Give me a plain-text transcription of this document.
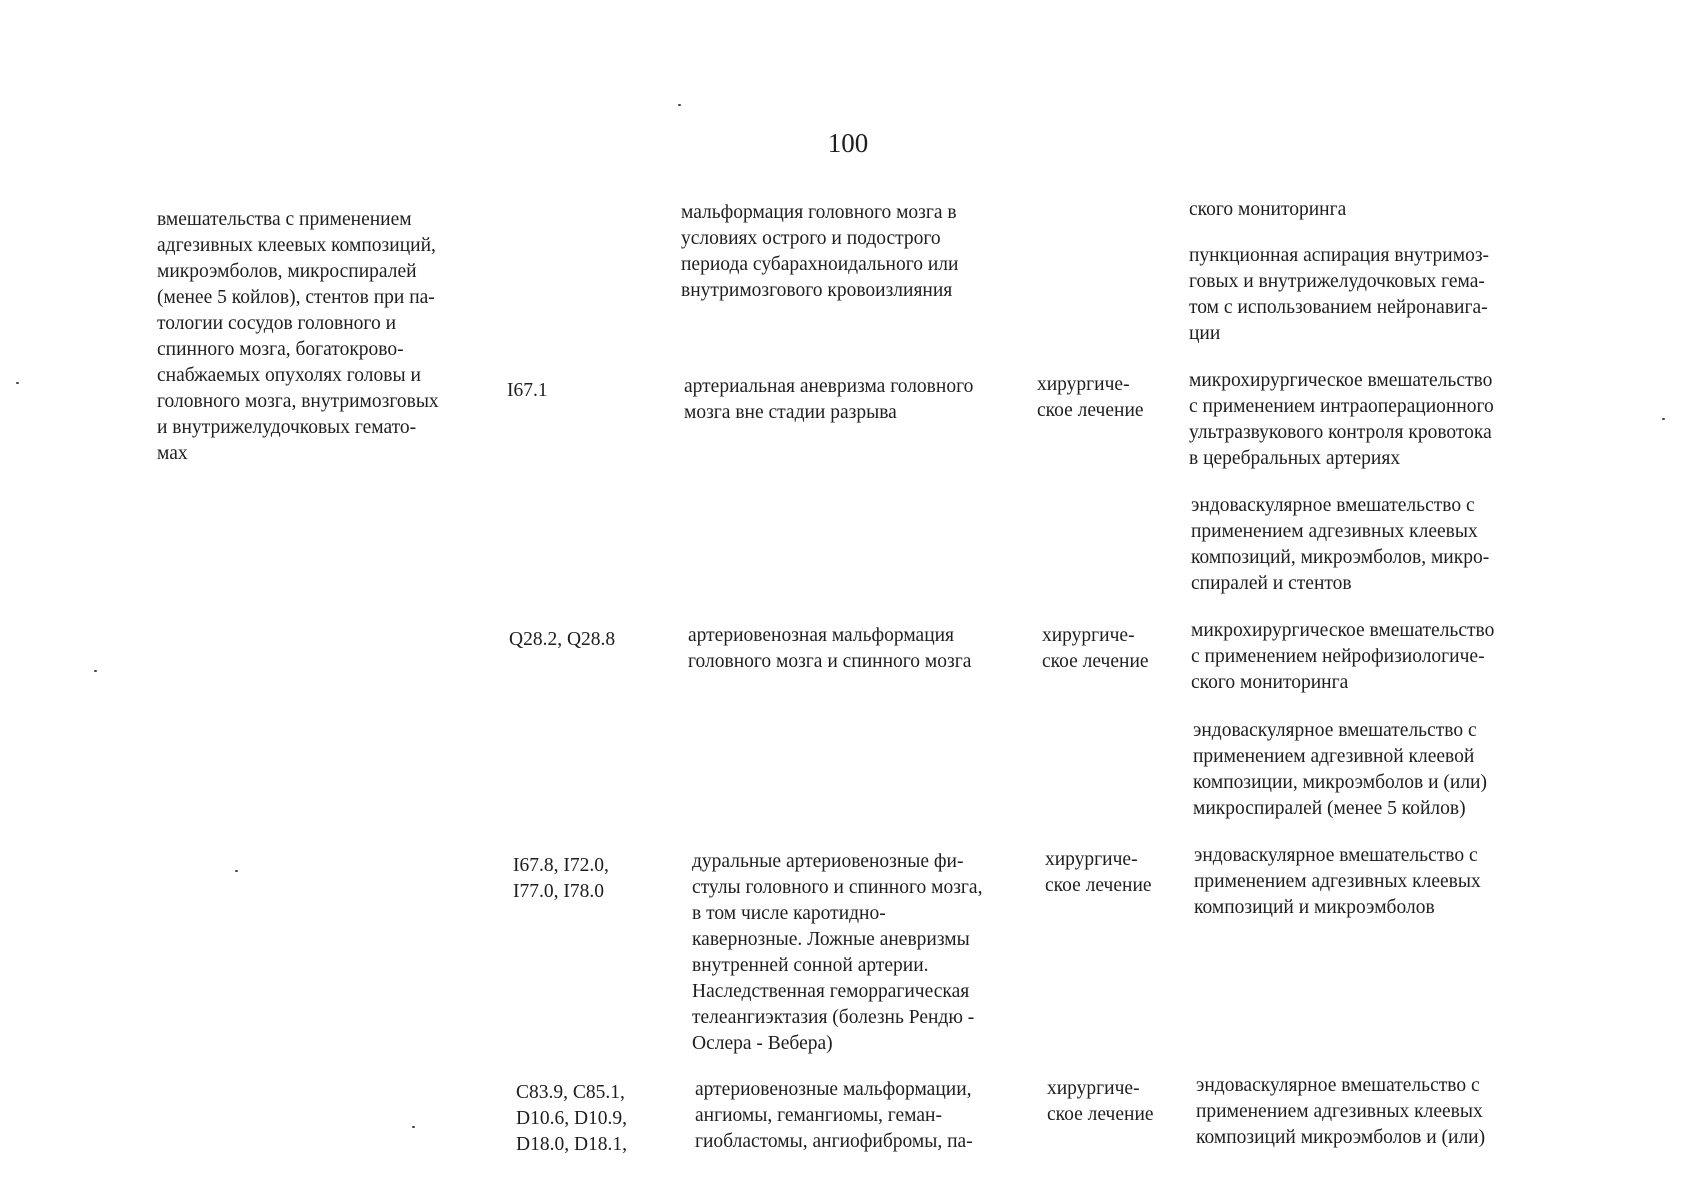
100

вмешательства с применением
адгезивных клеевых композиций,
микроэмболов, микроспиралей
(менее 5 койлов), стентов при па-
тологии сосудов головного и
спинного мозга, богатокрово-
снабжаемых опухолях головы и
головного мозга, внутримозговых
и внутрижелудочковых гемато-
мах

мальформация головного мозга в
условиях острого и подострого
периода субарахноидального или
внутримозгового кровоизлияния

ского мониторинга

пункционная аспирация внутримоз-
говых и внутрижелудочковых гема-
том с использованием нейронавига-
ции

I67.1	артериальная аневризма головного
мозга вне стадии разрыва

хирургиче-
ское лечение

микрохирургическое вмешательство
с применением интраоперационного
ультразвукового контроля кровотока
в церебральных артериях

эндоваскулярное вмешательство с
применением адгезивных клеевых
композиций, микроэмболов, микро-
спиралей и стентов

Q28.2, Q28.8	артериовенозная мальформация
головного мозга и спинного мозга

хирургиче-
ское лечение

микрохирургическое вмешательство
с применением нейрофизиологиче-
ского мониторинга

эндоваскулярное вмешательство с
применением адгезивной клеевой
композиции, микроэмболов и (или)
микроспиралей (менее 5 койлов)

I67.8, I72.0,
I77.0, I78.0

дуральные артериовенозные фи-
стулы головного и спинного мозга,
в том числе каротидно-
кавернозные. Ложные аневризмы
внутренней сонной артерии.
Наследственная геморрагическая
телеангиэктазия (болезнь Рендю -
Ослера - Вебера)

хирургиче-
ское лечение

эндоваскулярное вмешательство с
применением адгезивных клеевых
композиций и микроэмболов

C83.9, C85.1,
D10.6, D10.9,
D18.0, D18.1,

артериовенозные мальформации,
ангиомы, гемангиомы, геман-
гиобластомы, ангиофибромы, па-

хирургиче-
ское лечение

эндоваскулярное вмешательство с
применением адгезивных клеевых
композиций микроэмболов и (или)
